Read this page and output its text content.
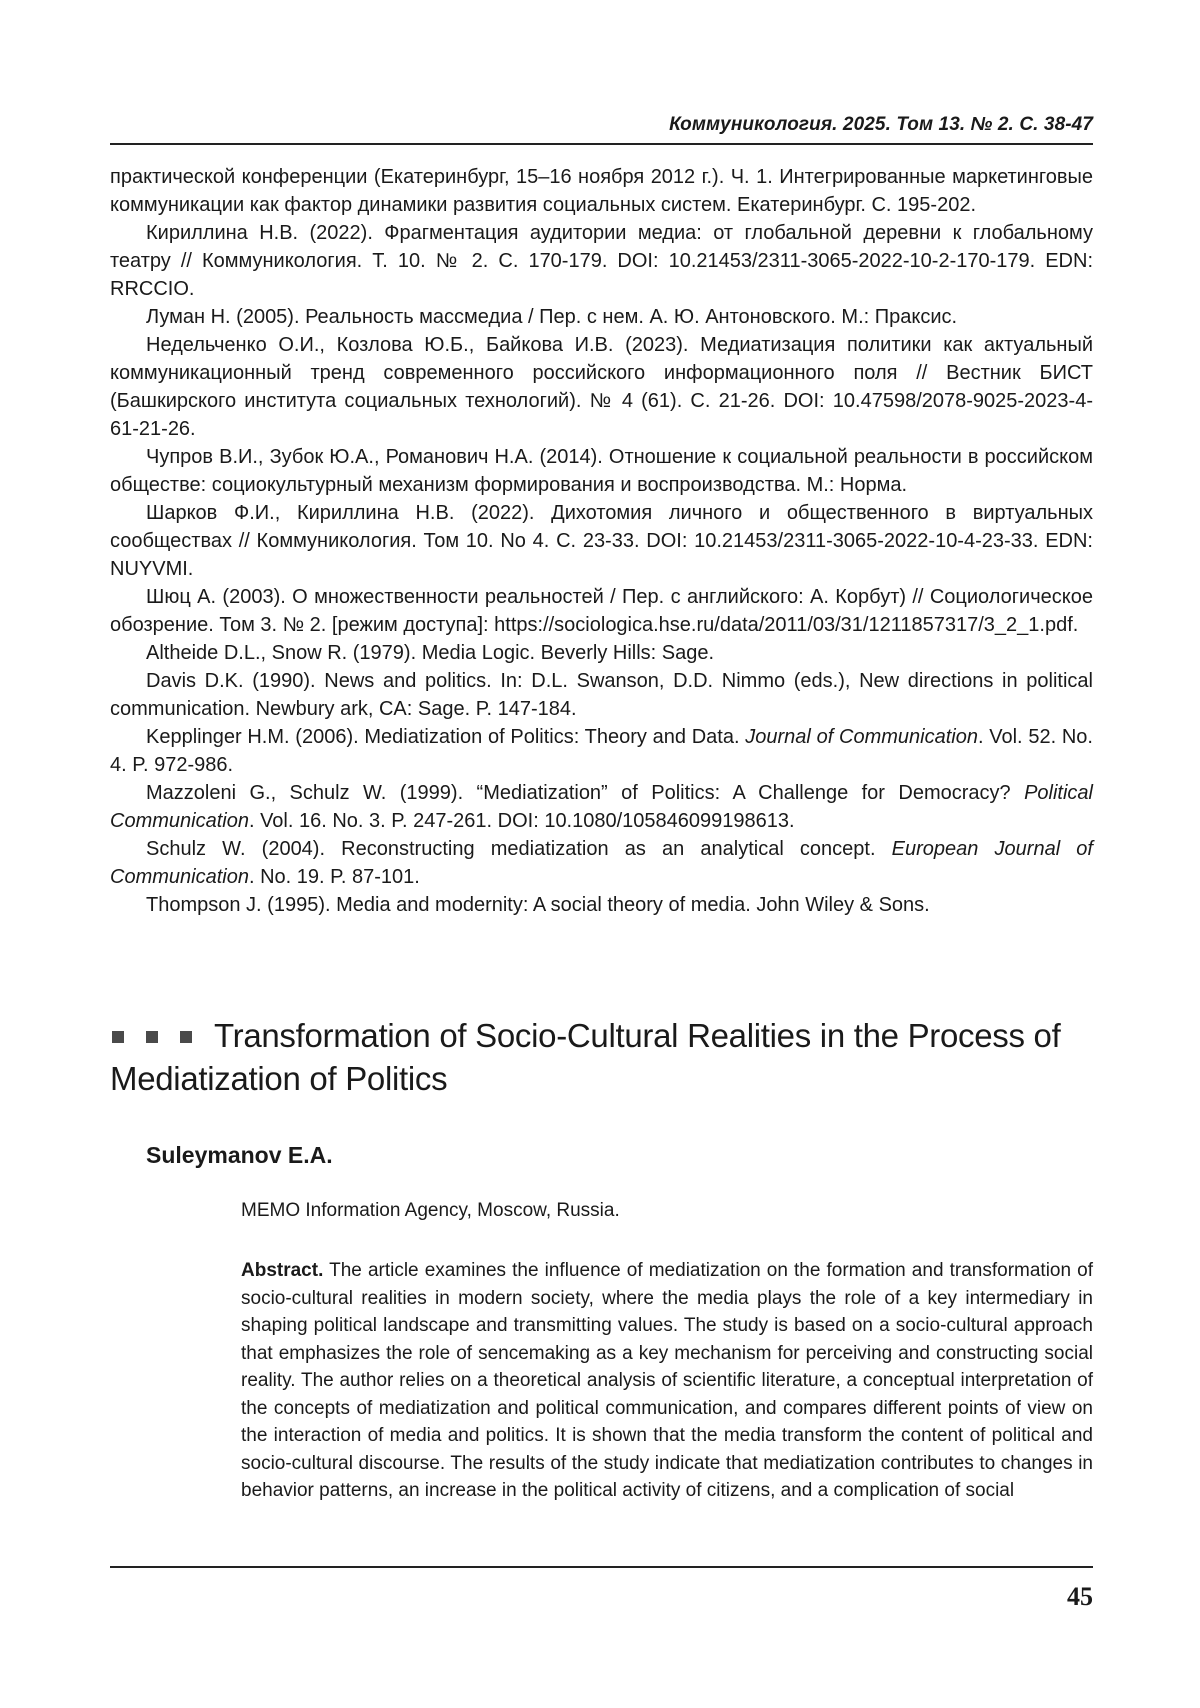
Коммуникология. 2025. Том 13. № 2. С. 38-47

практической конференции (Екатеринбург, 15–16 ноября 2012 г.). Ч. 1. Интегрированные маркетинговые коммуникации как фактор динамики развития социальных систем. Екатеринбург. С. 195-202.

Кириллина Н.В. (2022). Фрагментация аудитории медиа: от глобальной деревни к глобальному театру // Коммуникология. Т. 10. № 2. С. 170-179. DOI: 10.21453/2311-3065-2022-10-2-170-179. EDN: RRCCIO.

Луман Н. (2005). Реальность массмедиа / Пер. с нем. А. Ю. Антоновского. М.: Праксис.

Недельченко О.И., Козлова Ю.Б., Байкова И.В. (2023). Медиатизация политики как актуальный коммуникационный тренд современного российского информационного поля // Вестник БИСТ (Башкирского института социальных технологий). № 4 (61). С. 21-26. DOI: 10.47598/2078-9025-2023-4-61-21-26.

Чупров В.И., Зубок Ю.А., Романович Н.А. (2014). Отношение к социальной реальности в российском обществе: социокультурный механизм формирования и воспроизводства. М.: Норма.

Шарков Ф.И., Кириллина Н.В. (2022). Дихотомия личного и общественного в виртуальных сообществах // Коммуникология. Том 10. No 4. С. 23-33. DOI: 10.21453/2311-3065-2022-10-4-23-33. EDN: NUYVMI.

Шюц А. (2003). О множественности реальностей / Пер. с английского: А. Корбут) // Социологическое обозрение. Том 3. № 2. [режим доступа]: https://sociologica.hse.ru/data/2011/03/31/1211857317/3_2_1.pdf.

Altheide D.L., Snow R. (1979). Media Logic. Beverly Hills: Sage.

Davis D.K. (1990). News and politics. In: D.L. Swanson, D.D. Nimmo (eds.), New directions in political communication. Newbury ark, CA: Sage. P. 147-184.

Kepplinger H.M. (2006). Mediatization of Politics: Theory and Data. Journal of Communication. Vol. 52. No. 4. P. 972-986.

Mazzoleni G., Schulz W. (1999). “Mediatization” of Politics: A Challenge for Democracy? Political Communication. Vol. 16. No. 3. P. 247-261. DOI: 10.1080/105846099198613.

Schulz W. (2004). Reconstructing mediatization as an analytical concept. European Journal of Communication. No. 19. P. 87-101.

Thompson J. (1995). Media and modernity: A social theory of media. John Wiley & Sons.

Transformation of Socio-Cultural Realities in the Process of Mediatization of Politics
Suleymanov E.A.
MEMO Information Agency, Moscow, Russia.

Abstract. The article examines the influence of mediatization on the formation and transformation of socio-cultural realities in modern society, where the media plays the role of a key intermediary in shaping political landscape and transmitting values. The study is based on a socio-cultural approach that emphasizes the role of sencemaking as a key mechanism for perceiving and constructing social reality. The author relies on a theoretical analysis of scientific literature, a conceptual interpretation of the concepts of mediatization and political communication, and compares different points of view on the interaction of media and politics. It is shown that the media transform the content of political and socio-cultural discourse. The results of the study indicate that mediatization contributes to changes in behavior patterns, an increase in the political activity of citizens, and a complication of social

45
